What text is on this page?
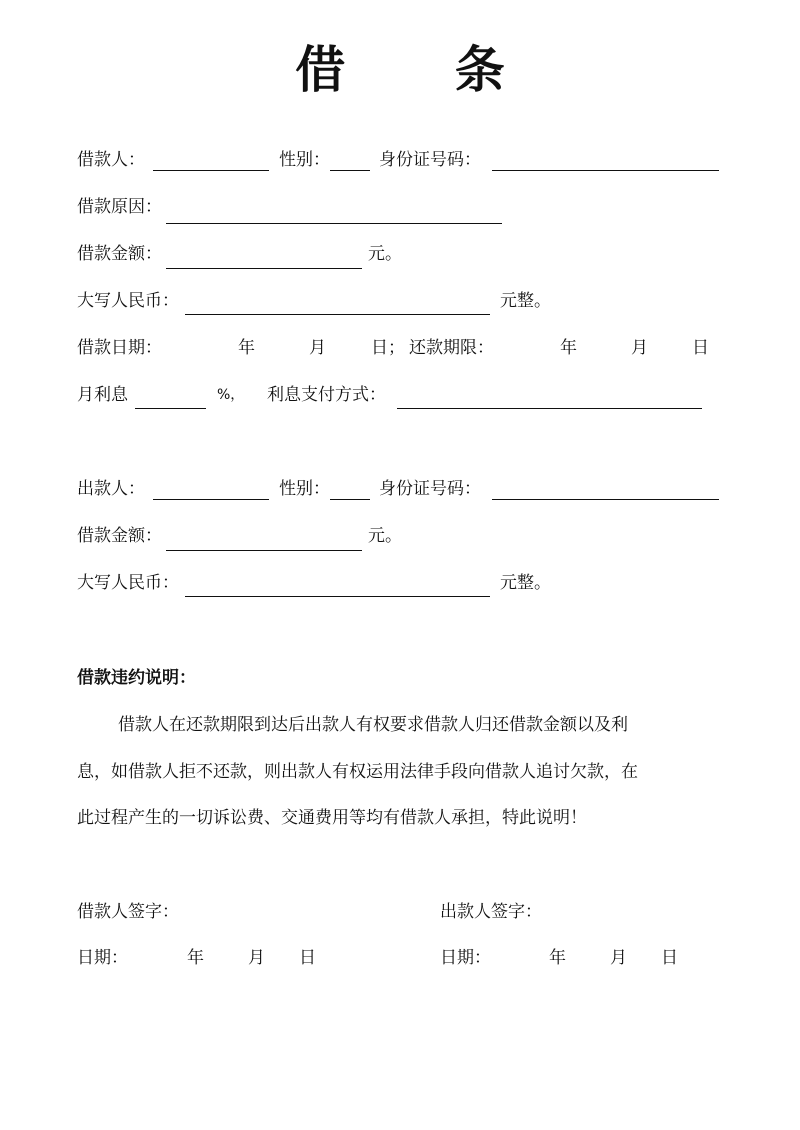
借 条
借款人：	性别：	身份证号码：
借款原因：
借款金额：	元。
大写人民币：	元整。
借款日期：	年	月	日； 还款期限：	年	月	日
月利息	%， 利息支付方式：
出款人：	性别：	身份证号码：
借款金额：	元。
大写人民币：	元整。
借款违约说明：
借款人在还款期限到达后出款人有权要求借款人归还借款金额以及利
息，如借款人拒不还款，则出款人有权运用法律手段向借款人追讨欠款，在
此过程产生的一切诉讼费、交通费用等均有借款人承担，特此说明！
借款人签字：	出款人签字：
日期：	年	月 日	日期：	年	月 日
